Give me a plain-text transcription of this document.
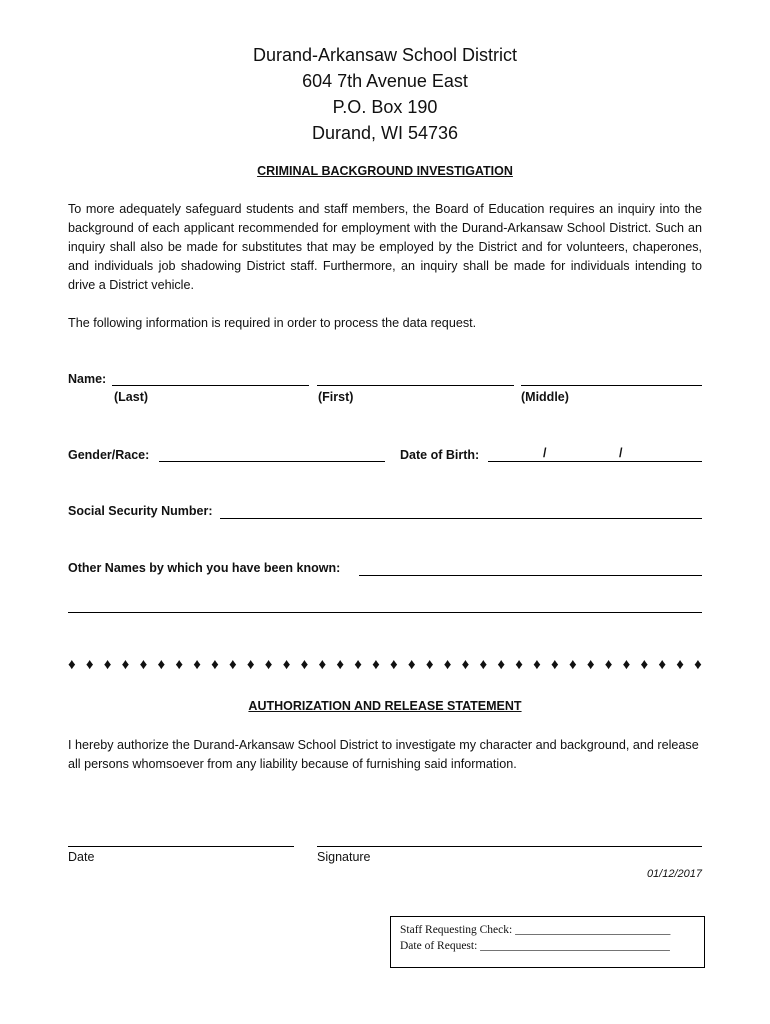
Durand-Arkansaw School District
604 7th Avenue East
P.O. Box 190
Durand, WI 54736
CRIMINAL BACKGROUND INVESTIGATION
To more adequately safeguard students and staff members, the Board of Education requires an inquiry into the background of each applicant recommended for employment with the Durand-Arkansaw School District. Such an inquiry shall also be made for substitutes that may be employed by the District and for volunteers, chaperones, and individuals job shadowing District staff. Furthermore, an inquiry shall be made for individuals intending to drive a District vehicle.
The following information is required in order to process the data request.
Name:
(Last)	(First)	(Middle)
Gender/Race:	Date of Birth:	/	/
Social Security Number:
Other Names by which you have been known:
♦ ♦ ♦ ♦ ♦ ♦ ♦ ♦ ♦ ♦ ♦ ♦ ♦ ♦ ♦ ♦ ♦ ♦ ♦ ♦ ♦ ♦ ♦ ♦ ♦ ♦ ♦ ♦ ♦ ♦ ♦ ♦ ♦ ♦ ♦ ♦
AUTHORIZATION AND RELEASE STATEMENT
I hereby authorize the Durand-Arkansaw School District to investigate my character and background, and release all persons whomsoever from any liability because of furnishing said information.
Date	Signature
01/12/2017
Staff Requesting Check: ___________________________
Date of Request: _________________________________
